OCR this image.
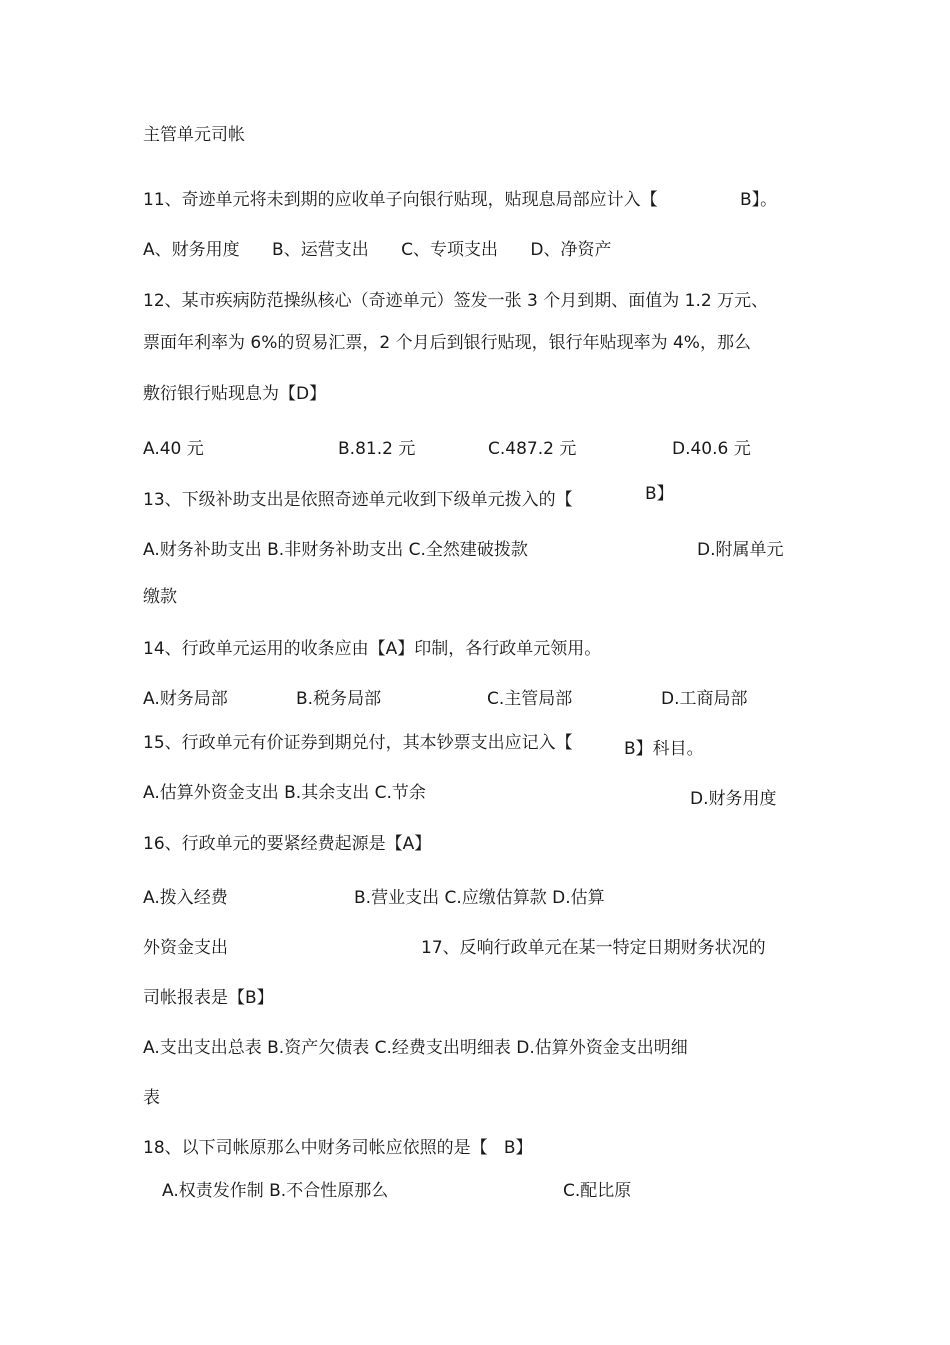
主管单元司帐
11、奇迹单元将未到期的应收单子向银行贴现，贴现息局部应计入【	B】。
A、财务用度      B、运营支出      C、专项支出      D、净资产
12、某市疾病防范操纵核心（奇迹单元）签发一张 3 个月到期、面值为 1.2 万元、
票面年利率为 6%的贸易汇票，2 个月后到银行贴现，银行年贴现率为 4%，那么
敷衍银行贴现息为【D】
A.40 元	B.81.2 元	C.487.2 元	D.40.6 元
13、下级补助支出是依照奇迹单元收到下级单元拨入的【	B】
A.财务补助支出 B.非财务补助支出 C.全然建破拨款	D.附属单元
缴款
14、行政单元运用的收条应由【A】印制，各行政单元领用。
A.财务局部	B.税务局部	C.主管局部	D.工商局部
15、行政单元有价证券到期兑付，其本钞票支出应记入【	B】科目。
A.估算外资金支出 B.其余支出 C.节余	D.财务用度
16、行政单元的要紧经费起源是【A】
A.拨入经费	B.营业支出 C.应缴估算款 D.估算
外资金支出	17、反响行政单元在某一特定日期财务状况的
司帐报表是【B】
A.支出支出总表 B.资产欠债表 C.经费支出明细表 D.估算外资金支出明细
表
18、以下司帐原那么中财务司帐应依照的是【   B】
A.权责发作制 B.不合性原那么	C.配比原
